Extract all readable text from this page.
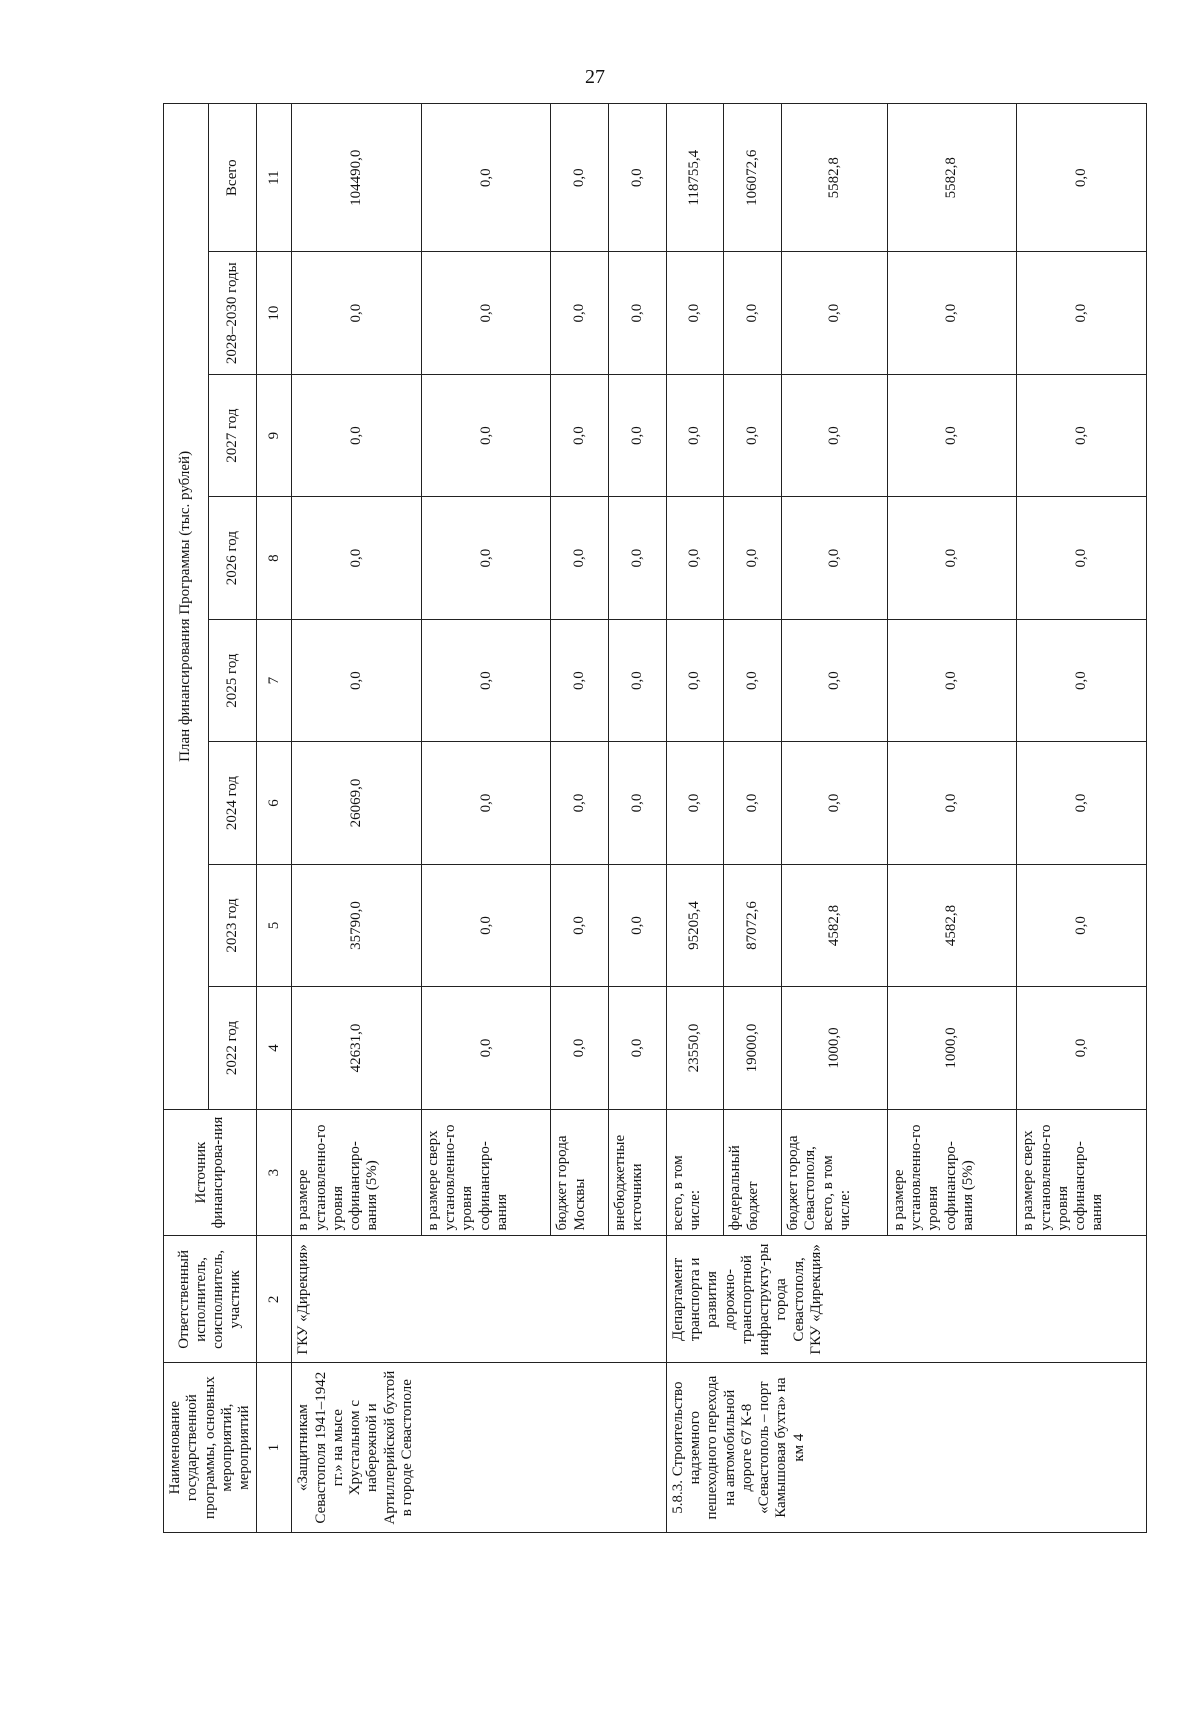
27
Наименование государственной программы, основных мероприятий, мероприятий	Ответственный исполнитель, соисполнитель, участник	Источник финансирова-ния	План финансирования Программы (тыс. рублей)							
			2022 год	2023 год	2024 год	2025 год	2026 год	2027 год	2028–2030 годы	Всего
1	2	3	4	5	6	7	8	9	10	11
«Защитникам Севастополя 1941–1942 гг.» на мысе Хрустальном с набережной и Артиллерийской бухтой в городе Севастополе	ГКУ «Дирекция»	в размере установленно-го уровня софинансиро-вания (5%)	42631,0	35790,0	26069,0	0,0	0,0	0,0	0,0	104490,0
		в размере сверх установленно-го уровня софинансиро-вания	0,0	0,0	0,0	0,0	0,0	0,0	0,0	0,0
		бюджет города Москвы	0,0	0,0	0,0	0,0	0,0	0,0	0,0	0,0
		внебюджетные источники	0,0	0,0	0,0	0,0	0,0	0,0	0,0	0,0
5.8.3. Строительство надземного пешеходного перехода на автомобильной дороге 67 К-8 «Севастополь – порт Камышовая бухта» на км 4	Департамент транспорта и развития дорожно-транспортной инфраструкту-ры города Севастополя, ГКУ «Дирекция»	всего, в том числе:	23550,0	95205,4	0,0	0,0	0,0	0,0	0,0	118755,4
		федеральный бюджет	19000,0	87072,6	0,0	0,0	0,0	0,0	0,0	106072,6
		бюджет города Севастополя, всего, в том числе:	1000,0	4582,8	0,0	0,0	0,0	0,0	0,0	5582,8
		в размере установленно-го уровня софинансиро-вания (5%)	1000,0	4582,8	0,0	0,0	0,0	0,0	0,0	5582,8
		в размере сверх установленно-го уровня софинансиро-вания	0,0	0,0	0,0	0,0	0,0	0,0	0,0	0,0
